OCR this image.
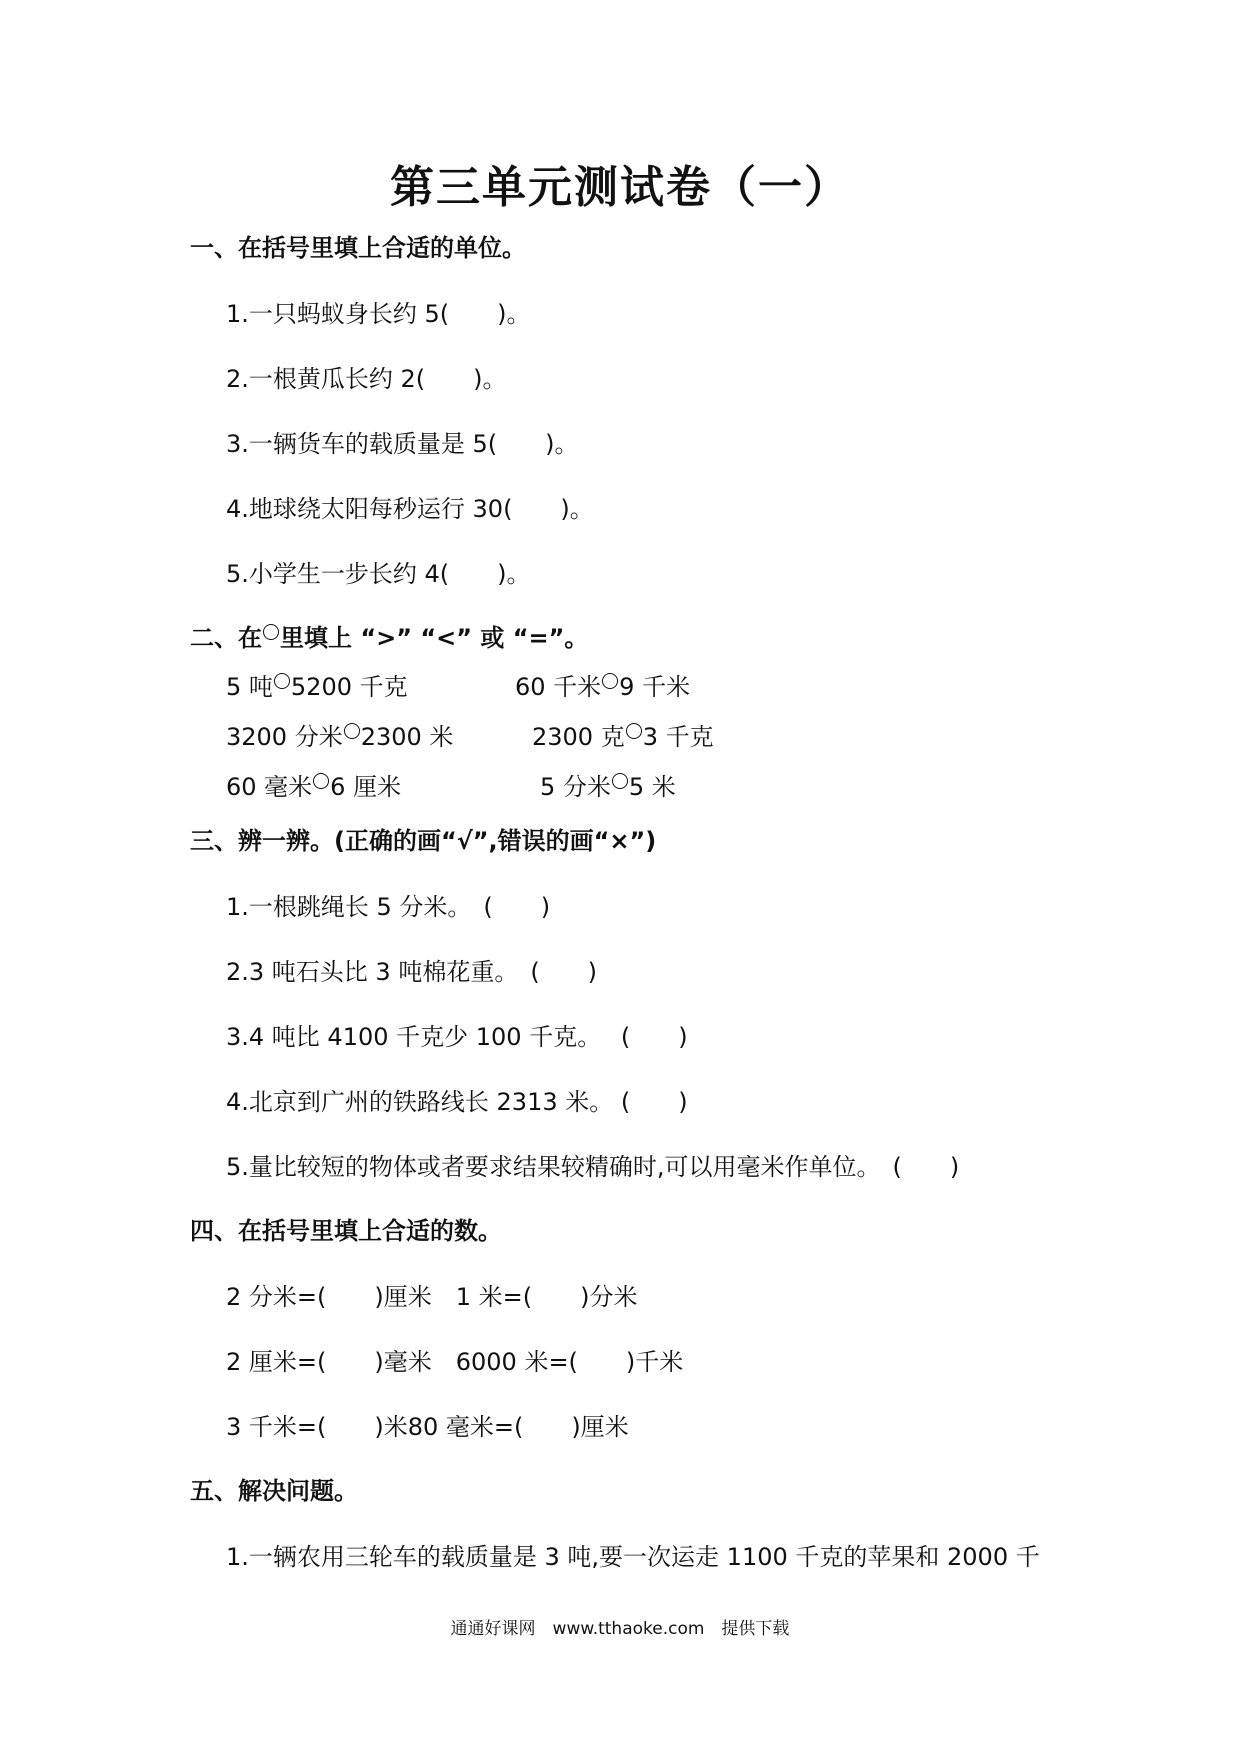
第三单元测试卷（一）
一、在括号里填上合适的单位。
1.一只蚂蚁身长约 5(　　)。
2.一根黄瓜长约 2(　　)。
3.一辆货车的载质量是 5(　　)。
4.地球绕太阳每秒运行 30(　　)。
5.小学生一步长约 4(　　)。
二、在 里填上 “>” “<” 或 “=”。
5 吨 5200 千克	60 千米 9 千米
3200 分米 2300 米	2300 克 3 千克
60 毫米 6 厘米	5 分米 5 米
三、辨一辨。(正确的画“√”,错误的画“×”)
1.一根跳绳长 5 分米。　(　　)
2.3 吨石头比 3 吨棉花重。　(　　)
3.4 吨比 4100 千克少 100 千克。　 (　　)
4.北京到广州的铁路线长 2313 米。 (　　)
5.量比较短的物体或者要求结果较精确时,可以用毫米作单位。　(　　)
四、在括号里填上合适的数。
2 分米=(　　)厘米　1 米=(　　)分米
2 厘米=(　　)毫米　6000 米=(　　)千米
3 千米=(　　)米80 毫米=(　　)厘米
五、解决问题。
1.一辆农用三轮车的载质量是 3 吨,要一次运走 1100 千克的苹果和 2000 千
通通好课网　www.tthaoke.com　提供下载
